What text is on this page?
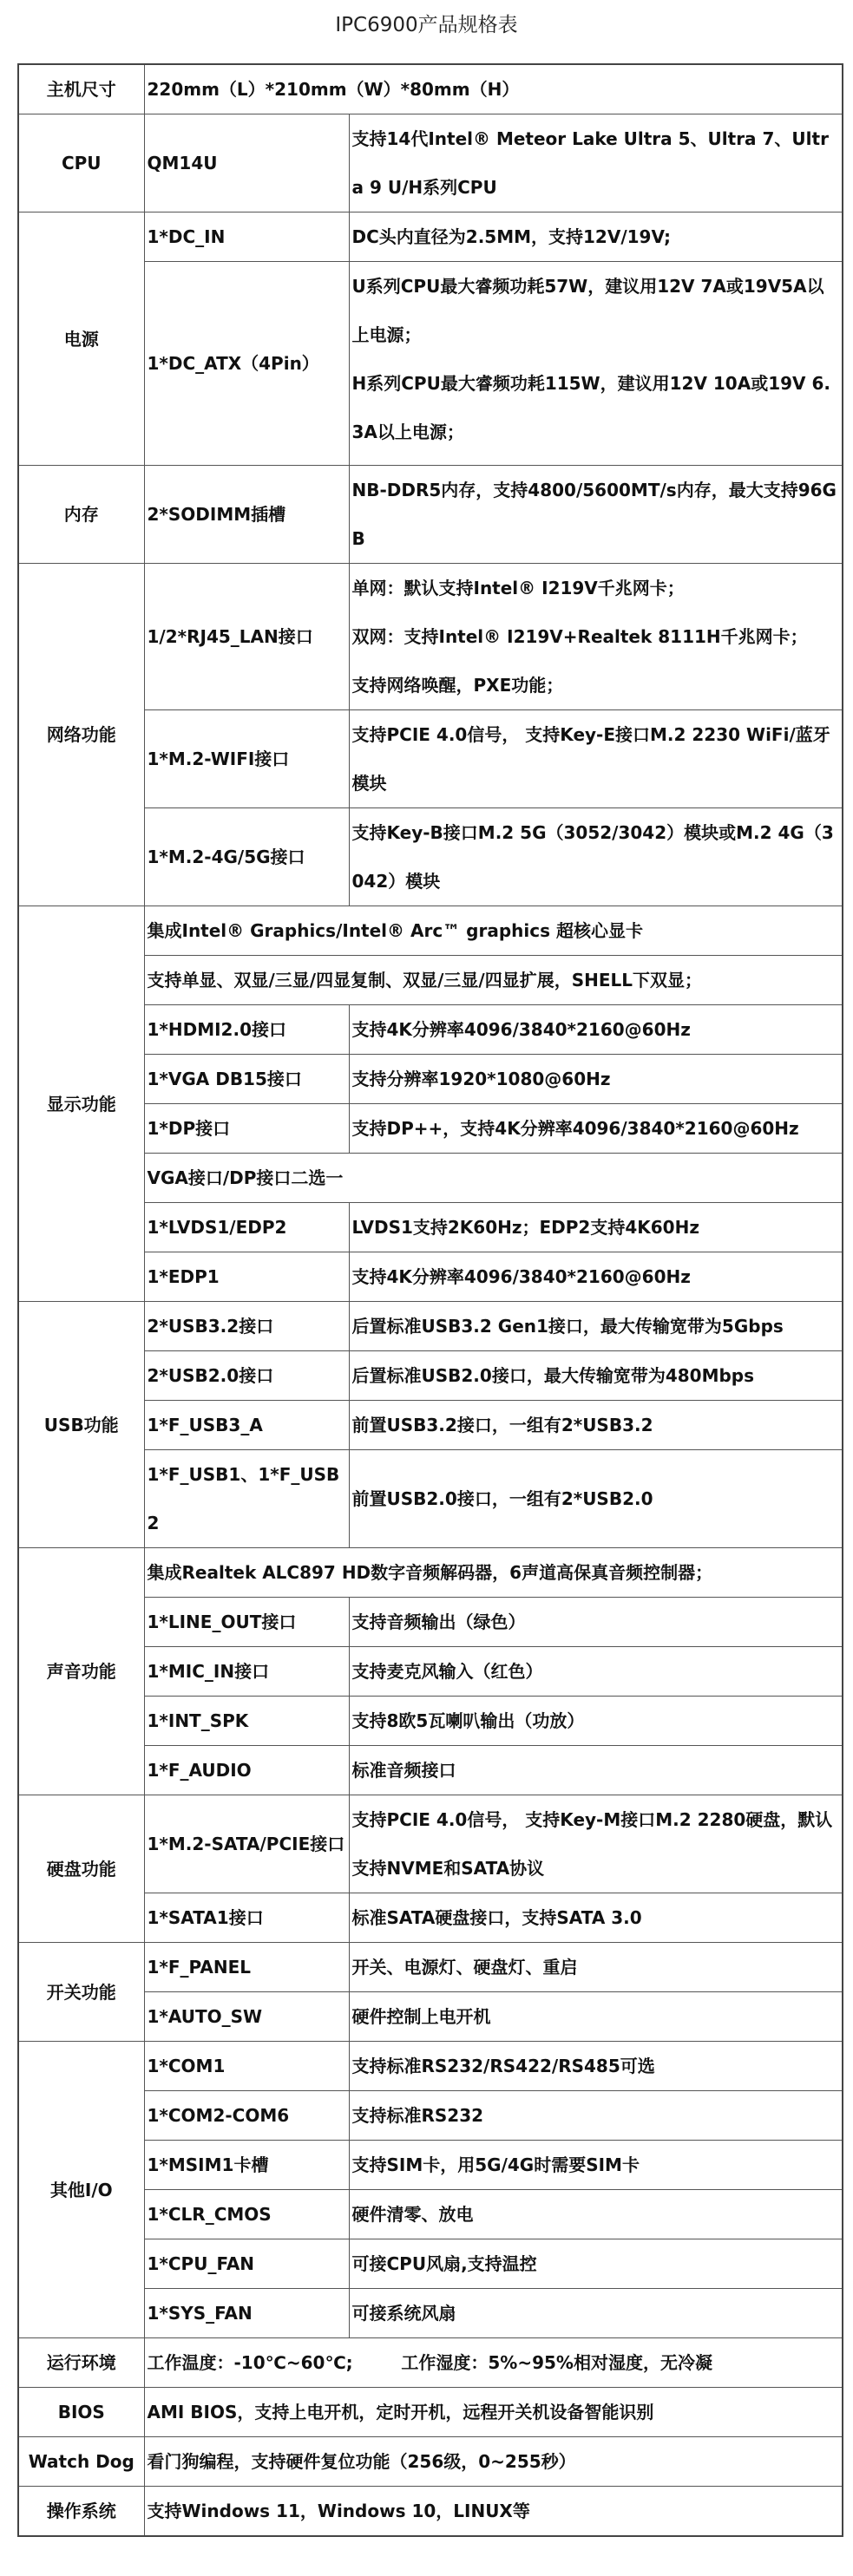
IPC6900产品规格表
主机尺寸	220mm（L）*210mm（W）*80mm（H）	
CPU	QM14U	支持14代Intel® Meteor Lake Ultra 5、Ultra 7、Ultra 9 U/H系列CPU
电源	1*DC_IN	DC头内直径为2.5MM，支持12V/19V;
	1*DC_ATX（4Pin）	U系列CPU最大睿频功耗57W，建议用12V 7A或19V5A以上电源；
		H系列CPU最大睿频功耗115W，建议用12V 10A或19V 6.3A以上电源；

内存	2*SODIMM插槽	NB-DDR5内存，支持4800/5600MT/s内存，最大支持96GB
网络功能	1/2*RJ45_LAN接口	单网：默认支持Intel® I219V千兆网卡；
		双网：支持Intel® I219V+Realtek 8111H千兆网卡；
		支持网络唤醒，PXE功能；
	1*M.2-WIFI接口	支持PCIE 4.0信号， 支持Key-E接口M.2 2230 WiFi/蓝牙模块
	1*M.2-4G/5G接口	支持Key-B接口M.2 5G（3052/3042）模块或M.2 4G（3042）模块
显示功能	集成Intel® Graphics/Intel® Arc™ graphics 超核心显卡	
	支持单显、双显/三显/四显复制、双显/三显/四显扩展，SHELL下双显；	
	1*HDMI2.0接口	支持4K分辨率4096/3840*2160@60Hz
	1*VGA DB15接口	支持分辨率1920*1080@60Hz
	1*DP接口	支持DP++，支持4K分辨率4096/3840*2160@60Hz
	VGA接口/DP接口二选一	
	1*LVDS1/EDP2	LVDS1支持2K60Hz；EDP2支持4K60Hz
	1*EDP1	支持4K分辨率4096/3840*2160@60Hz
USB功能	2*USB3.2接口	后置标准USB3.2 Gen1接口，最大传输宽带为5Gbps
	2*USB2.0接口	后置标准USB2.0接口，最大传输宽带为480Mbps
	1*F_USB3_A	前置USB3.2接口，一组有2*USB3.2
	1*F_USB1、1*F_USB2	前置USB2.0接口，一组有2*USB2.0
声音功能	集成Realtek ALC897 HD数字音频解码器，6声道高保真音频控制器；	
	1*LINE_OUT接口	支持音频输出（绿色）
	1*MIC_IN接口	支持麦克风输入（红色）
	1*INT_SPK	支持8欧5瓦喇叭输出（功放）
	1*F_AUDIO	标准音频接口
硬盘功能	1*M.2-SATA/PCIE接口	支持PCIE 4.0信号， 支持Key-M接口M.2 2280硬盘，默认支持NVME和SATA协议
	1*SATA1接口	标准SATA硬盘接口，支持SATA 3.0
开关功能	1*F_PANEL	开关、电源灯、硬盘灯、重启
	1*AUTO_SW	硬件控制上电开机
其他I/O	1*COM1	支持标准RS232/RS422/RS485可选
	1*COM2-COM6	支持标准RS232
	1*MSIM1卡槽	支持SIM卡，用5G/4G时需要SIM卡
	1*CLR_CMOS	硬件清零、放电
	1*CPU_FAN	可接CPU风扇,支持温控
	1*SYS_FAN	可接系统风扇
运行环境	工作温度：-10℃~60℃;        工作湿度：5%~95%相对湿度，无冷凝	
BIOS	AMI BIOS，支持上电开机，定时开机，远程开关机设备智能识别	
Watch Dog	看门狗编程，支持硬件复位功能（256级，0~255秒）	
操作系统	支持Windows 11，Windows 10，LINUX等	
